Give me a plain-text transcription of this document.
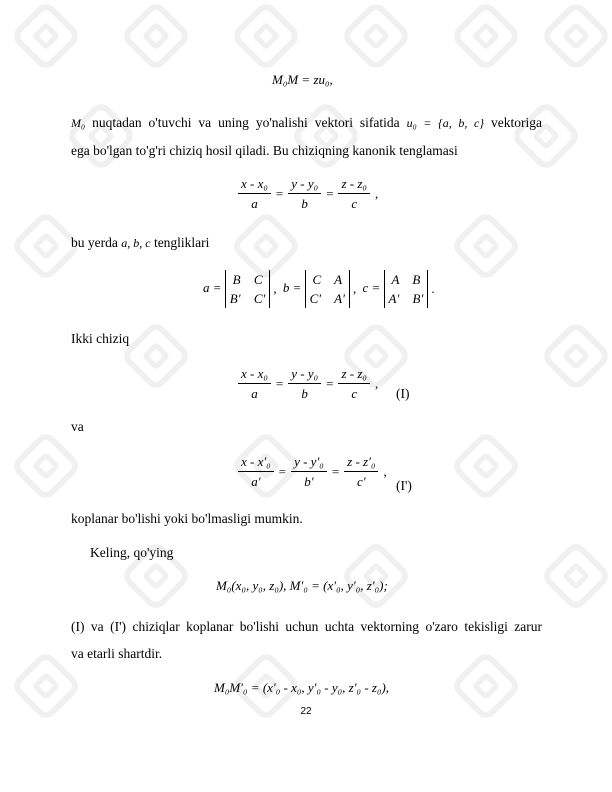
M₀M = zu₀,
M₀ nuqtadan o'tuvchi va uning yo'nalishi vektori sifatida u₀ = {a, b, c} vektoriga
ega bo'lgan to'g'ri chiziq hosil qiladi. Bu chiziqning kanonik tenglamasi
$\frac{\text{x - x₀}}{a} = \frac{\text{y - y₀}}{b} = \frac{\text{z - z₀}}{c}$ ,
bu yerda a, b, c tengliklari
a =
B C
B′ C′
, b =
C A
C′ A′
, c =
A B
A′ B′
.
Ikki chiziq
$\frac{\text{x - x₀}}{a} = \frac{\text{y - y₀}}{b} = \frac{\text{z - z₀}}{c}$ ,
(I)
va
$\frac{\text{x - x′₀}}{a'} = \frac{\text{y - y′₀}}{b'} = \frac{\text{z - z′₀}}{c'}$ ,
(I')
koplanar bo'lishi yoki bo'lmasligi mumkin.
Keling, qo'ying
M₀(x₀, y₀, z₀), M′₀ = (x′₀, y′₀, z′₀);
(I) va (I') chiziqlar koplanar bo'lishi uchun uchta vektorning o'zaro tekisligi zarur
va etarli shartdir.
M₀M′₀ = (x′₀ - x₀, y′₀ - y₀, z′₀ - z₀),
22
